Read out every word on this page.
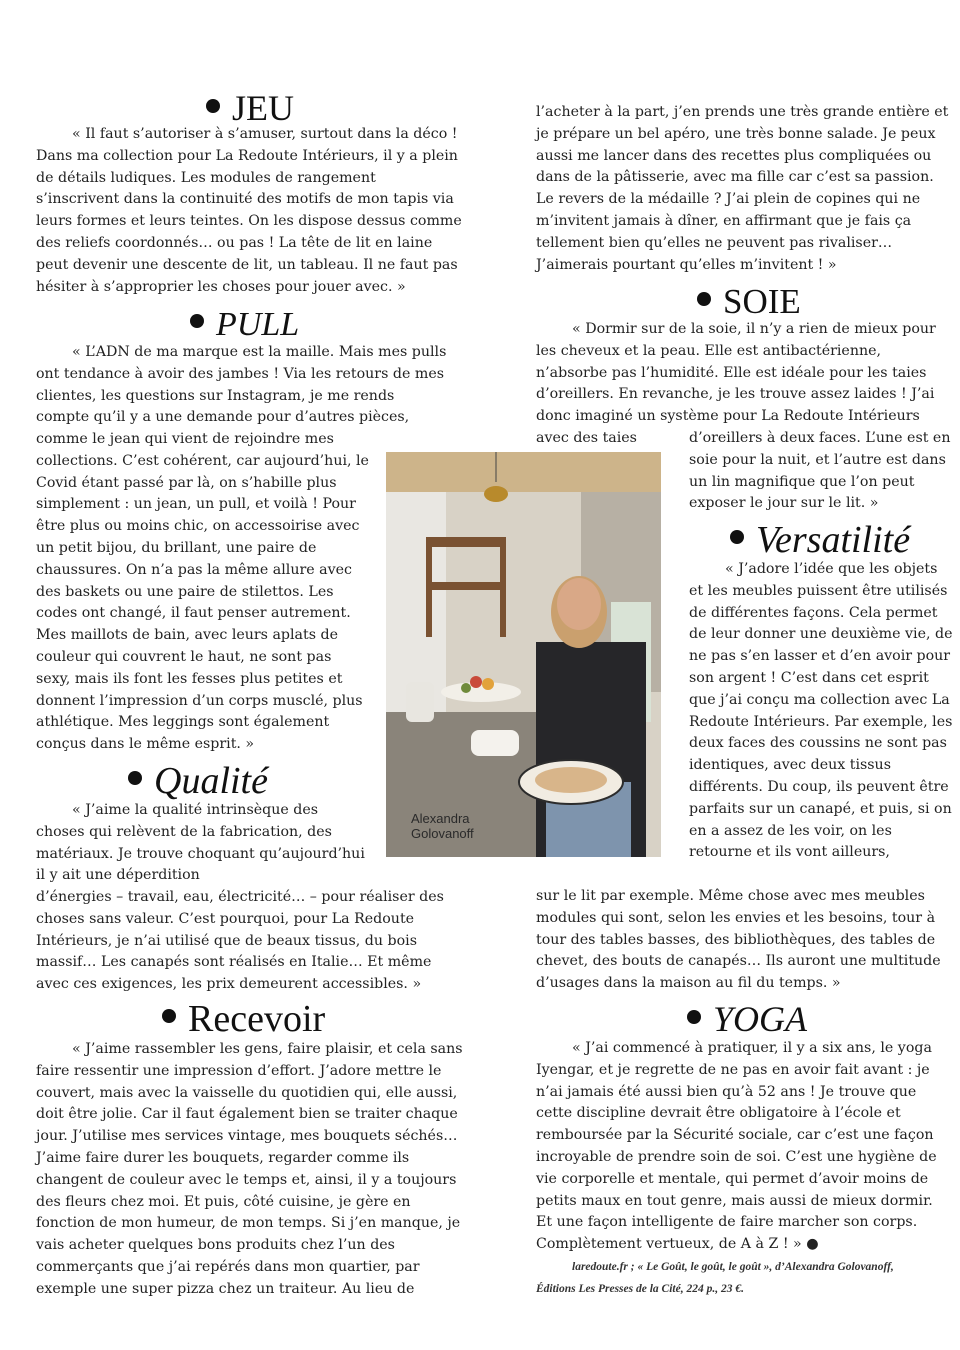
JEU

« Il faut s’autoriser à s’amuser, surtout dans la déco ! Dans ma collection pour La Redoute Intérieurs, il y a plein de détails ludiques. Les modules de rangement s’inscrivent dans la continuité des motifs de mon tapis via leurs formes et leurs teintes. On les dispose dessus comme des reliefs coordonnés… ou pas ! La tête de lit en laine peut devenir une descente de lit, un tableau. Il ne faut pas hésiter à s’approprier les choses pour jouer avec. »

PULL

« L’ADN de ma marque est la maille. Mais mes pulls ont tendance à avoir des jambes ! Via les retours de mes clientes, les questions sur Instagram, je me rends compte qu’il y a une demande pour d’autres pièces,

comme le jean qui vient de rejoindre mes collections. C’est cohérent, car aujourd’hui, le Covid étant passé par là, on s’habille plus simplement : un jean, un pull, et voilà ! Pour être plus ou moins chic, on accessoirise avec un petit bijou, du brillant, une paire de chaussures. On n’a pas la même allure avec des baskets ou une paire de stilettos. Les codes ont changé, il faut penser autrement. Mes maillots de bain, avec leurs aplats de couleur qui couvrent le haut, ne sont pas sexy, mais ils font les fesses plus petites et donnent l’impression d’un corps musclé, plus athlétique. Mes leggings sont également conçus dans le même esprit. »

Qualité

« J’aime la qualité intrinsèque des choses qui relèvent de la fabrication, des matériaux. Je trouve choquant qu’aujourd’hui il y ait une déperdition

d’énergies – travail, eau, électricité… – pour réaliser des choses sans valeur. C’est pourquoi, pour La Redoute Intérieurs, je n’ai utilisé que de beaux tissus, du bois massif… Les canapés sont réalisés en Italie… Et même avec ces exigences, les prix demeurent accessibles. »

Recevoir

« J’aime rassembler les gens, faire plaisir, et cela sans faire ressentir une impression d’effort. J’adore mettre le couvert, mais avec la vaisselle du quotidien qui, elle aussi, doit être jolie. Car il faut également bien se traiter chaque jour. J’utilise mes services vintage, mes bouquets séchés… J’aime faire durer les bouquets, regarder comme ils changent de couleur avec le temps et, ainsi, il y a toujours des fleurs chez moi. Et puis, côté cuisine, je gère en fonction de mon humeur, de mon temps. Si j’en manque, je vais acheter quelques bons produits chez l’un des commerçants que j’ai repérés dans mon quartier, par exemple une super pizza chez un traiteur. Au lieu de

Alexandra
Golovanoff

l’acheter à la part, j’en prends une très grande entière et je prépare un bel apéro, une très bonne salade. Je peux aussi me lancer dans des recettes plus compliquées ou dans de la pâtisserie, avec ma fille car c’est sa passion. Le revers de la médaille ? J’ai plein de copines qui ne m’invitent jamais à dîner, en affirmant que je fais ça tellement bien qu’elles ne peuvent pas rivaliser… J’aimerais pourtant qu’elles m’invitent ! »

SOIE

« Dormir sur de la soie, il n’y a rien de mieux pour les cheveux et la peau. Elle est antibactérienne, n’absorbe pas l’humidité. Elle est idéale pour les taies d’oreillers. En revanche, je les trouve assez laides ! J’ai donc imaginé un système pour La Redoute Intérieurs avec des taies	d’oreillers à deux faces. L’une est en soie pour la nuit, et l’autre est dans un lin magnifique que l’on peut exposer le jour sur le lit. »

Versatilité

« J’adore l’idée que les objets et les meubles puissent être utilisés de différentes façons. Cela permet de leur donner une deuxième vie, de ne pas s’en lasser et d’en avoir pour son argent ! C’est dans cet esprit que j’ai conçu ma collection avec La Redoute Intérieurs. Par exemple, les deux faces des coussins ne sont pas identiques, avec deux tissus différents. Du coup, ils peuvent être parfaits sur un canapé, et puis, si on en a assez de les voir, on les retourne et ils vont ailleurs,

sur le lit par exemple. Même chose avec mes meubles modules qui sont, selon les envies et les besoins, tour à tour des tables basses, des bibliothèques, des tables de chevet, des bouts de canapés… Ils auront une multitude d’usages dans la maison au fil du temps. »

YOGA

« J’ai commencé à pratiquer, il y a six ans, le yoga Iyengar, et je regrette de ne pas en avoir fait avant : je n’ai jamais été aussi bien qu’à 52 ans ! Je trouve que cette discipline devrait être obligatoire à l’école et remboursée par la Sécurité sociale, car c’est une façon incroyable de prendre soin de soi. C’est une hygiène de vie corporelle et mentale, qui permet d’avoir moins de petits maux en tout genre, mais aussi de mieux dormir. Et une façon intelligente de faire marcher son corps. Complètement vertueux, de A à Z ! » ●

laredoute.fr ; « Le Goût, le goût, le goût », d’Alexandra Golovanoff,
Éditions Les Presses de la Cité, 224 p., 23 €.
